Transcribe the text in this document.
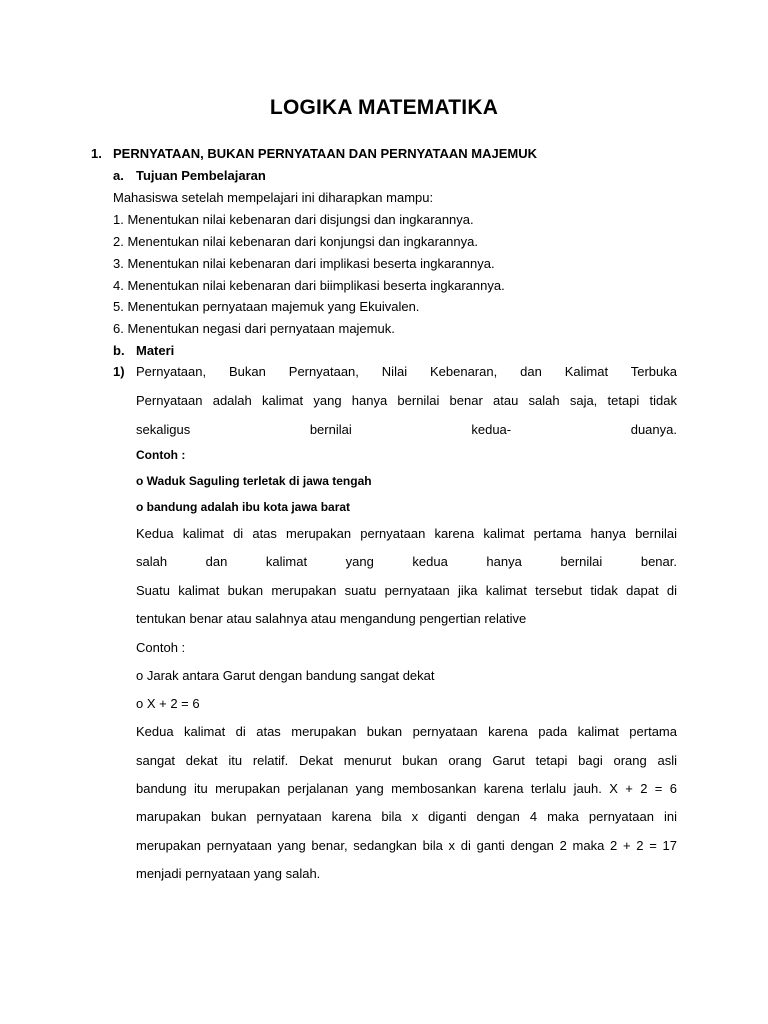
LOGIKA MATEMATIKA
1. PERNYATAAN, BUKAN PERNYATAAN DAN PERNYATAAN MAJEMUK
a. Tujuan Pembelajaran
Mahasiswa setelah mempelajari ini diharapkan mampu:
1. Menentukan nilai kebenaran dari disjungsi dan ingkarannya.
2. Menentukan nilai kebenaran dari konjungsi dan ingkarannya.
3. Menentukan nilai kebenaran dari implikasi beserta ingkarannya.
4. Menentukan nilai kebenaran dari biimplikasi beserta ingkarannya.
5. Menentukan pernyataan majemuk yang Ekuivalen.
6. Menentukan negasi dari pernyataan majemuk.
b. Materi
1) Pernyataan, Bukan Pernyataan, Nilai Kebenaran, dan Kalimat Terbuka
Pernyataan adalah kalimat yang hanya bernilai benar atau salah saja, tetapi tidak
sekaligus bernilai kedua- duanya.
Contoh :
o Waduk Saguling terletak di jawa tengah
o bandung adalah ibu kota jawa barat
Kedua kalimat di atas merupakan pernyataan karena kalimat pertama hanya bernilai
salah dan kalimat yang kedua hanya bernilai benar.
Suatu kalimat bukan merupakan suatu pernyataan jika kalimat tersebut tidak dapat di
tentukan benar atau salahnya atau mengandung pengertian relative
Contoh :
o Jarak antara Garut dengan bandung sangat dekat
o X + 2 = 6
Kedua kalimat di atas merupakan bukan pernyataan karena pada kalimat pertama
sangat dekat itu relatif. Dekat menurut bukan orang Garut tetapi bagi orang asli
bandung itu merupakan perjalanan yang membosankan karena terlalu jauh. X + 2 = 6
marupakan bukan pernyataan karena bila x diganti dengan 4 maka pernyataan ini
merupakan pernyataan yang benar, sedangkan bila x di ganti dengan 2 maka 2 + 2 = 17
menjadi pernyataan yang salah.
